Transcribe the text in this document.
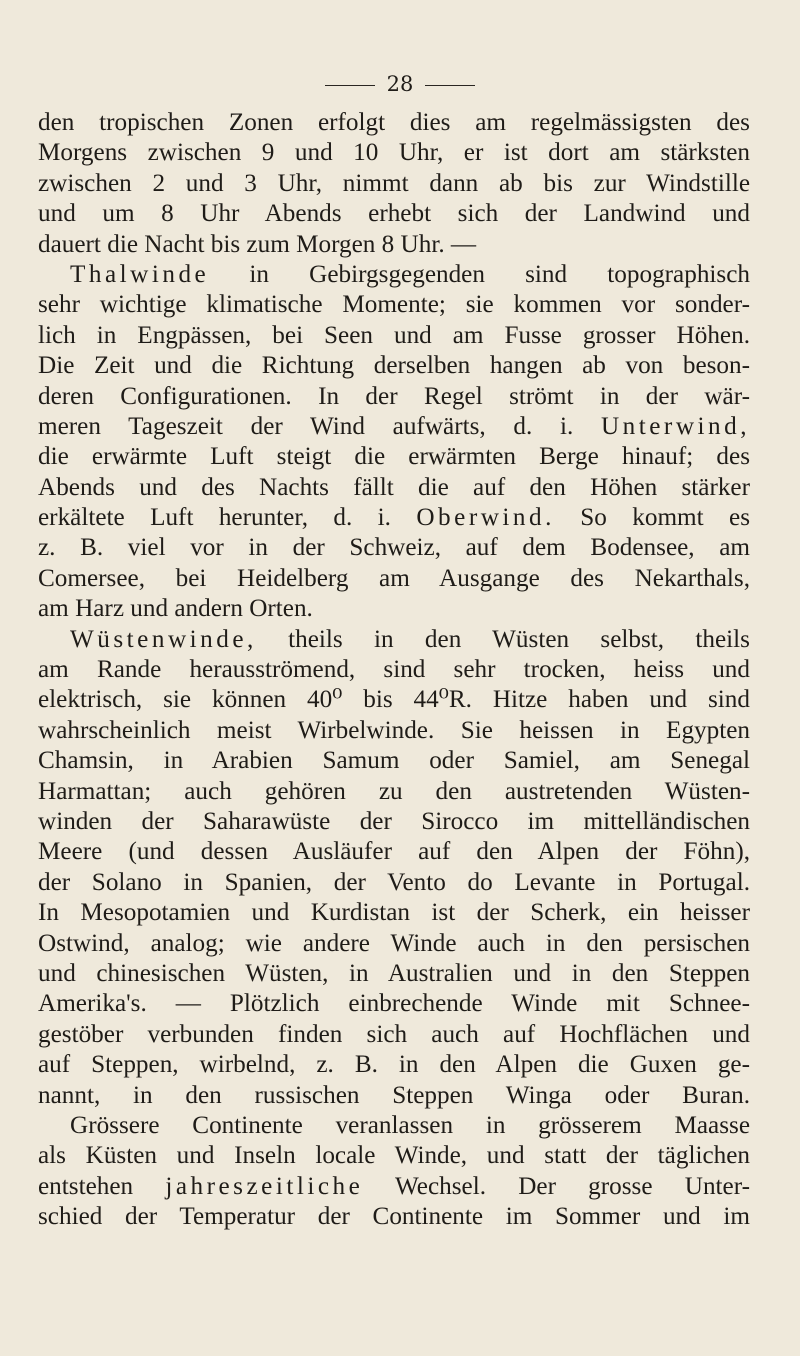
28
den tropischen Zonen erfolgt dies am regelmässigsten des
Morgens zwischen 9 und 10 Uhr, er ist dort am stärksten
zwischen 2 und 3 Uhr, nimmt dann ab bis zur Windstille
und um 8 Uhr Abends erhebt sich der Landwind und
dauert die Nacht bis zum Morgen 8 Uhr. —
Thalwinde in Gebirgsgegenden sind topographisch
sehr wichtige klimatische Momente; sie kommen vor sonder-
lich in Engpässen, bei Seen und am Fusse grosser Höhen.
Die Zeit und die Richtung derselben hangen ab von beson-
deren Configurationen. In der Regel strömt in der wär-
meren Tageszeit der Wind aufwärts, d. i. Unterwind,
die erwärmte Luft steigt die erwärmten Berge hinauf; des
Abends und des Nachts fällt die auf den Höhen stärker
erkältete Luft herunter, d. i. Oberwind. So kommt es
z. B. viel vor in der Schweiz, auf dem Bodensee, am
Comersee, bei Heidelberg am Ausgange des Nekarthals,
am Harz und andern Orten.
Wüstenwinde, theils in den Wüsten selbst, theils
am Rande herausströmend, sind sehr trocken, heiss und
elektrisch, sie können 40⁰ bis 44⁰R. Hitze haben und sind
wahrscheinlich meist Wirbelwinde. Sie heissen in Egypten
Chamsin, in Arabien Samum oder Samiel, am Senegal
Harmattan; auch gehören zu den austretenden Wüsten-
winden der Saharawüste der Sirocco im mittelländischen
Meere (und dessen Ausläufer auf den Alpen der Föhn),
der Solano in Spanien, der Vento do Levante in Portugal.
In Mesopotamien und Kurdistan ist der Scherk, ein heisser
Ostwind, analog; wie andere Winde auch in den persischen
und chinesischen Wüsten, in Australien und in den Steppen
Amerika's. — Plötzlich einbrechende Winde mit Schnee-
gestöber verbunden finden sich auch auf Hochflächen und
auf Steppen, wirbelnd, z. B. in den Alpen die Guxen ge-
nannt, in den russischen Steppen Winga oder Buran.
Grössere Continente veranlassen in grösserem Maasse
als Küsten und Inseln locale Winde, und statt der täglichen
entstehen jahreszeitliche Wechsel. Der grosse Unter-
schied der Temperatur der Continente im Sommer und im
